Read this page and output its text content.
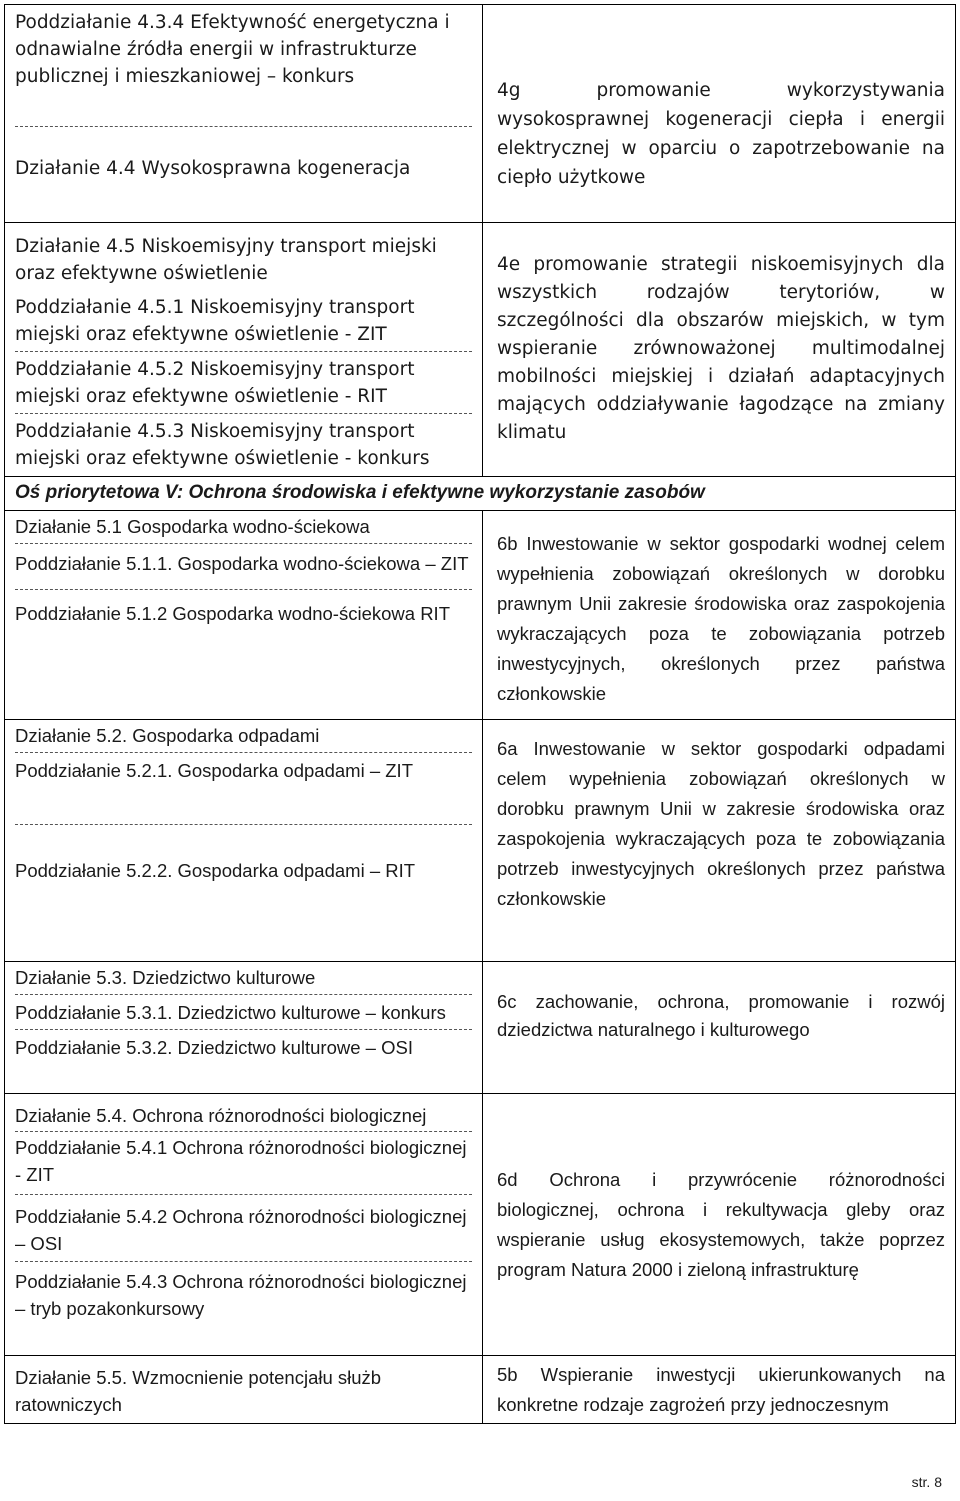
Poddziałanie 4.3.4 Efektywność energetyczna i odnawialne źródła energii w infrastrukturze publicznej i mieszkaniowej – konkurs
Działanie 4.4 Wysokosprawna kogeneracja
4g promowanie wykorzystywania wysokosprawnej kogeneracji ciepła i energii elektrycznej w oparciu o zapotrzebowanie na ciepło użytkowe
Działanie 4.5 Niskoemisyjny transport miejski oraz efektywne oświetlenie
Poddziałanie 4.5.1 Niskoemisyjny transport miejski oraz efektywne oświetlenie - ZIT
Poddziałanie 4.5.2 Niskoemisyjny transport miejski oraz efektywne oświetlenie - RIT
Poddziałanie 4.5.3 Niskoemisyjny transport miejski oraz efektywne oświetlenie - konkurs
4e promowanie strategii niskoemisyjnych dla wszystkich rodzajów terytoriów, w szczególności dla obszarów miejskich, w tym wspieranie zrównoważonej multimodalnej mobilności miejskiej i działań adaptacyjnych mających oddziaływanie łagodzące na zmiany klimatu
Oś priorytetowa V: Ochrona środowiska i efektywne wykorzystanie zasobów
Działanie 5.1 Gospodarka wodno-ściekowa
Poddziałanie 5.1.1. Gospodarka wodno-ściekowa – ZIT
Poddziałanie 5.1.2 Gospodarka wodno-ściekowa RIT
6b Inwestowanie w sektor gospodarki wodnej celem wypełnienia zobowiązań określonych w dorobku prawnym Unii zakresie środowiska oraz zaspokojenia wykraczających poza te zobowiązania potrzeb inwestycyjnych, określonych przez państwa członkowskie
Działanie 5.2. Gospodarka odpadami
Poddziałanie 5.2.1. Gospodarka odpadami – ZIT
Poddziałanie 5.2.2. Gospodarka odpadami – RIT
6a Inwestowanie w sektor gospodarki odpadami celem wypełnienia zobowiązań określonych w dorobku prawnym Unii w zakresie środowiska oraz zaspokojenia wykraczających poza te zobowiązania potrzeb inwestycyjnych określonych przez państwa członkowskie
Działanie 5.3. Dziedzictwo kulturowe
Poddziałanie 5.3.1. Dziedzictwo kulturowe – konkurs
Poddziałanie 5.3.2. Dziedzictwo kulturowe – OSI
6c zachowanie, ochrona, promowanie i rozwój dziedzictwa naturalnego i kulturowego
Działanie 5.4. Ochrona różnorodności biologicznej
Poddziałanie 5.4.1 Ochrona różnorodności biologicznej - ZIT
Poddziałanie 5.4.2 Ochrona różnorodności biologicznej – OSI
Poddziałanie 5.4.3 Ochrona różnorodności biologicznej – tryb pozakonkursowy
6d Ochrona i przywrócenie różnorodności biologicznej, ochrona i rekultywacja gleby oraz wspieranie usług ekosystemowych, także poprzez program Natura 2000 i zieloną infrastrukturę
Działanie 5.5. Wzmocnienie potencjału służb ratowniczych
5b Wspieranie inwestycji ukierunkowanych na konkretne rodzaje zagrożeń przy jednoczesnym
str. 8
